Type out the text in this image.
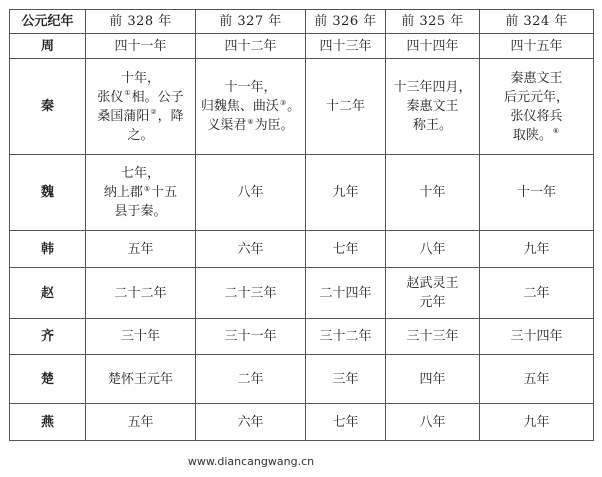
公元纪年	前 328 年	前 327 年	前 326 年	前 325 年	前 324 年
周	四十一年	四十二年	四十三年	四十四年	四十五年

秦	十年，
张仪①相。公子
桑国蒲阳②，降之。	十一年，
归魏焦、曲沃③。
义渠君④为臣。	十二年	十三年四月，
秦惠文王
称王。	秦惠文王
后元元年，
张仪将兵
取陕。⑥

魏	七年，
纳上郡⑤十五
县于秦。	八年	九年	十年	十一年

韩	五年	六年	七年	八年	九年

赵	二十二年	二十三年	二十四年	赵武灵王
元年	二年

齐	三十年	三十一年	三十二年	三十三年	三十四年

楚	楚怀王元年	二年	三年	四年	五年

燕	五年	六年	七年	八年	九年
www.diancangwang.cn
